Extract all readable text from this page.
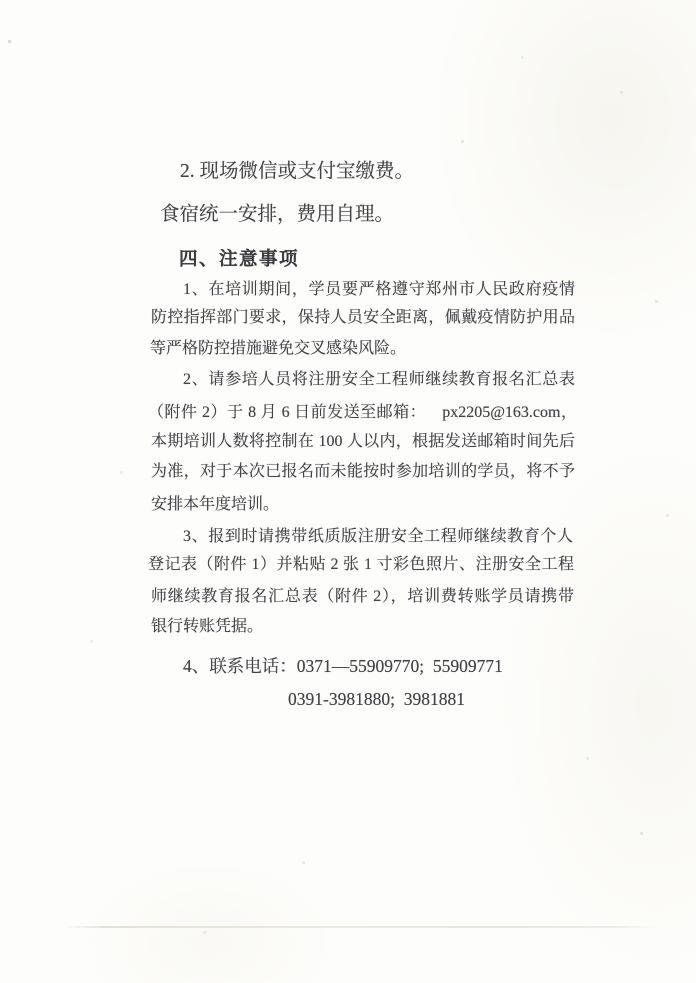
2. 现场微信或支付宝缴费。
食宿统一安排，费用自理。
四、注意事项
1、在培训期间，学员要严格遵守郑州市人民政府疫情
防控指挥部门要求，保持人员安全距离，佩戴疫情防护用品
等严格防控措施避免交叉感染风险。
2、请参培人员将注册安全工程师继续教育报名汇总表
（附件 2）于 8 月 6 日前发送至邮箱： px2205@163.com，
本期培训人数将控制在 100 人以内，根据发送邮箱时间先后
为准，对于本次已报名而未能按时参加培训的学员，将不予
安排本年度培训。
3、报到时请携带纸质版注册安全工程师继续教育个人
登记表（附件 1）并粘贴 2 张 1 寸彩色照片、注册安全工程
师继续教育报名汇总表（附件 2），培训费转账学员请携带
银行转账凭据。
4、联系电话：0371—55909770;  55909771
0391-3981880;  3981881
